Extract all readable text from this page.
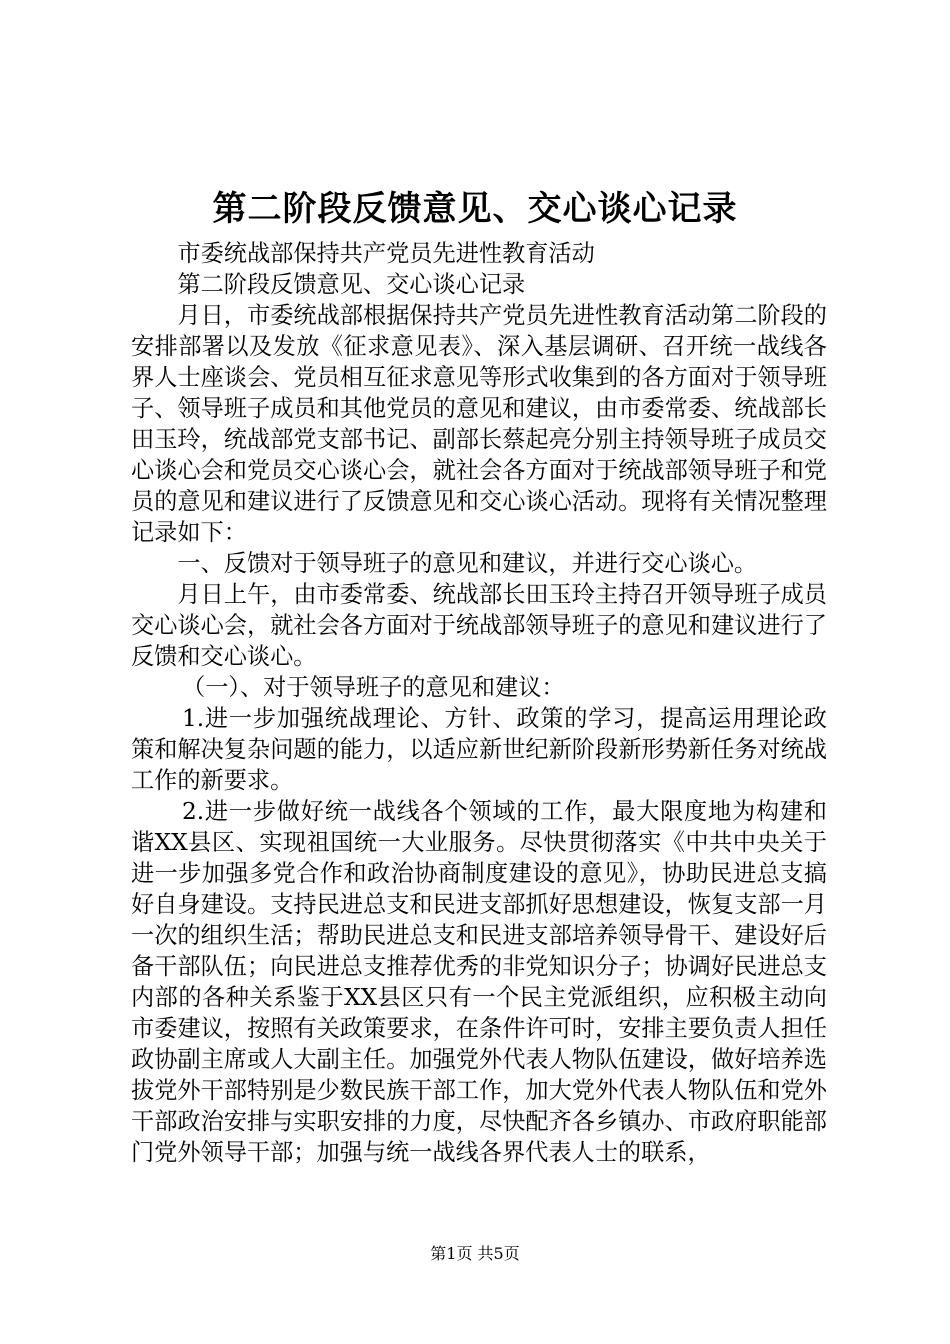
第二阶段反馈意见、交心谈心记录

市委统战部保持共产党员先进性教育活动

第二阶段反馈意见、交心谈心记录

月日，市委统战部根据保持共产党员先进性教育活动第二阶段的安排部署以及发放《征求意见表》、深入基层调研、召开统一战线各界人士座谈会、党员相互征求意见等形式收集到的各方面对于领导班子、领导班子成员和其他党员的意见和建议，由市委常委、统战部长田玉玲，统战部党支部书记、副部长蔡起亮分别主持领导班子成员交心谈心会和党员交心谈心会，就社会各方面对于统战部领导班子和党员的意见和建议进行了反馈意见和交心谈心活动。现将有关情况整理记录如下：

一、反馈对于领导班子的意见和建议，并进行交心谈心。

月日上午，由市委常委、统战部长田玉玲主持召开领导班子成员交心谈心会，就社会各方面对于统战部领导班子的意见和建议进行了反馈和交心谈心。

（一）、对于领导班子的意见和建议：

1.进一步加强统战理论、方针、政策的学习，提高运用理论政策和解决复杂问题的能力，以适应新世纪新阶段新形势新任务对统战工作的新要求。

2.进一步做好统一战线各个领域的工作，最大限度地为构建和谐XX县区、实现祖国统一大业服务。尽快贯彻落实《中共中央关于进一步加强多党合作和政治协商制度建设的意见》，协助民进总支搞好自身建设。支持民进总支和民进支部抓好思想建设，恢复支部一月一次的组织生活；帮助民进总支和民进支部培养领导骨干、建设好后备干部队伍；向民进总支推荐优秀的非党知识分子；协调好民进总支内部的各种关系鉴于XX县区只有一个民主党派组织，应积极主动向市委建议，按照有关政策要求，在条件许可时，安排主要负责人担任政协副主席或人大副主任。加强党外代表人物队伍建设，做好培养选拔党外干部特别是少数民族干部工作，加大党外代表人物队伍和党外干部政治安排与实职安排的力度，尽快配齐各乡镇办、市政府职能部门党外领导干部；加强与统一战线各界代表人士的联系，

第1页 共5页
